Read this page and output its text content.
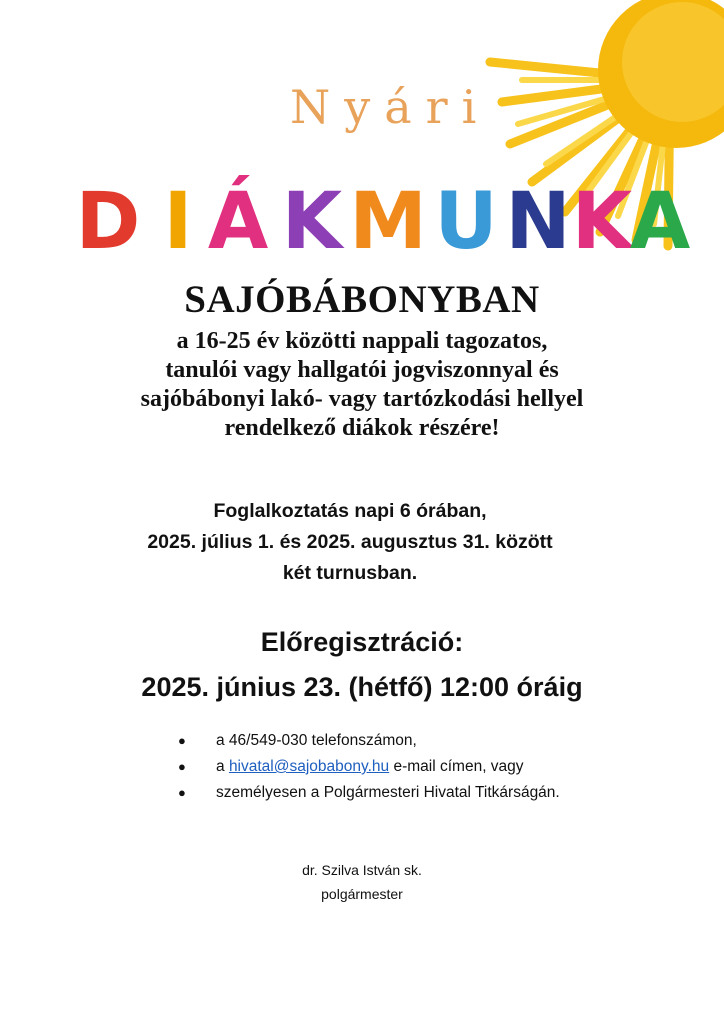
Nyári
D I Á K M U N K
A
SAJÓBÁBONYBAN
a 16-25 év közötti nappali tagozatos,
tanulói vagy hallgatói jogviszonnyal és
sajóbábonyi lakó- vagy tartózkodási hellyel
rendelkező diákok részére!
Foglalkoztatás napi 6 órában,
2025. július 1. és 2025. augusztus 31. között
két turnusban.
Előregisztráció:
2025. június 23. (hétfő) 12:00 óráig
● a 46/549-030 telefonszámon,
● a hivatal@sajobabony.hu e-mail címen, vagy
● személyesen a Polgármesteri Hivatal Titkárságán.
dr. Szilva István sk.
polgármester
